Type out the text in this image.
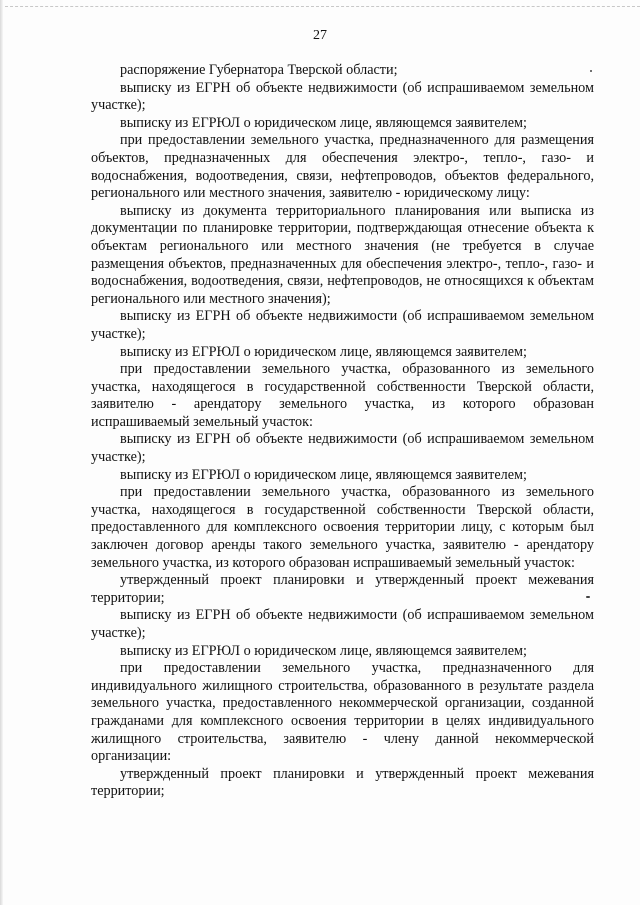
27

распоряжение Губернатора Тверской области;

выписку из ЕГРН об объекте недвижимости (об испрашиваемом земельном участке);

выписку из ЕГРЮЛ о юридическом лице, являющемся заявителем;

при предоставлении земельного участка, предназначенного для размещения объектов, предназначенных для обеспечения электро-, тепло-, газо- и водоснабжения, водоотведения, связи, нефтепроводов, объектов федерального, регионального или местного значения, заявителю - юридическому лицу:

выписку из документа территориального планирования или выписка из документации по планировке территории, подтверждающая отнесение объекта к объектам регионального или местного значения (не требуется в случае размещения объектов, предназначенных для обеспечения электро-, тепло-, газо- и водоснабжения, водоотведения, связи, нефтепроводов, не относящихся к объектам регионального или местного значения);

выписку из ЕГРН об объекте недвижимости (об испрашиваемом земельном участке);

выписку из ЕГРЮЛ о юридическом лице, являющемся заявителем;

при предоставлении земельного участка, образованного из земельного участка, находящегося в государственной собственности Тверской области, заявителю - арендатору земельного участка, из которого образован испрашиваемый земельный участок:

выписку из ЕГРН об объекте недвижимости (об испрашиваемом земельном участке);

выписку из ЕГРЮЛ о юридическом лице, являющемся заявителем;

при предоставлении земельного участка, образованного из земельного участка, находящегося в государственной собственности Тверской области, предоставленного для комплексного освоения территории лицу, с которым был заключен договор аренды такого земельного участка, заявителю - арендатору земельного участка, из которого образован испрашиваемый земельный участок:

утвержденный проект планировки и утвержденный проект межевания территории;

выписку из ЕГРН об объекте недвижимости (об испрашиваемом земельном участке);

выписку из ЕГРЮЛ о юридическом лице, являющемся заявителем;

при предоставлении земельного участка, предназначенного для индивидуального жилищного строительства, образованного в результате раздела земельного участка, предоставленного некоммерческой организации, созданной гражданами для комплексного освоения территории в целях индивидуального жилищного строительства, заявителю - члену данной некоммерческой организации:

утвержденный проект планировки и утвержденный проект межевания территории;
